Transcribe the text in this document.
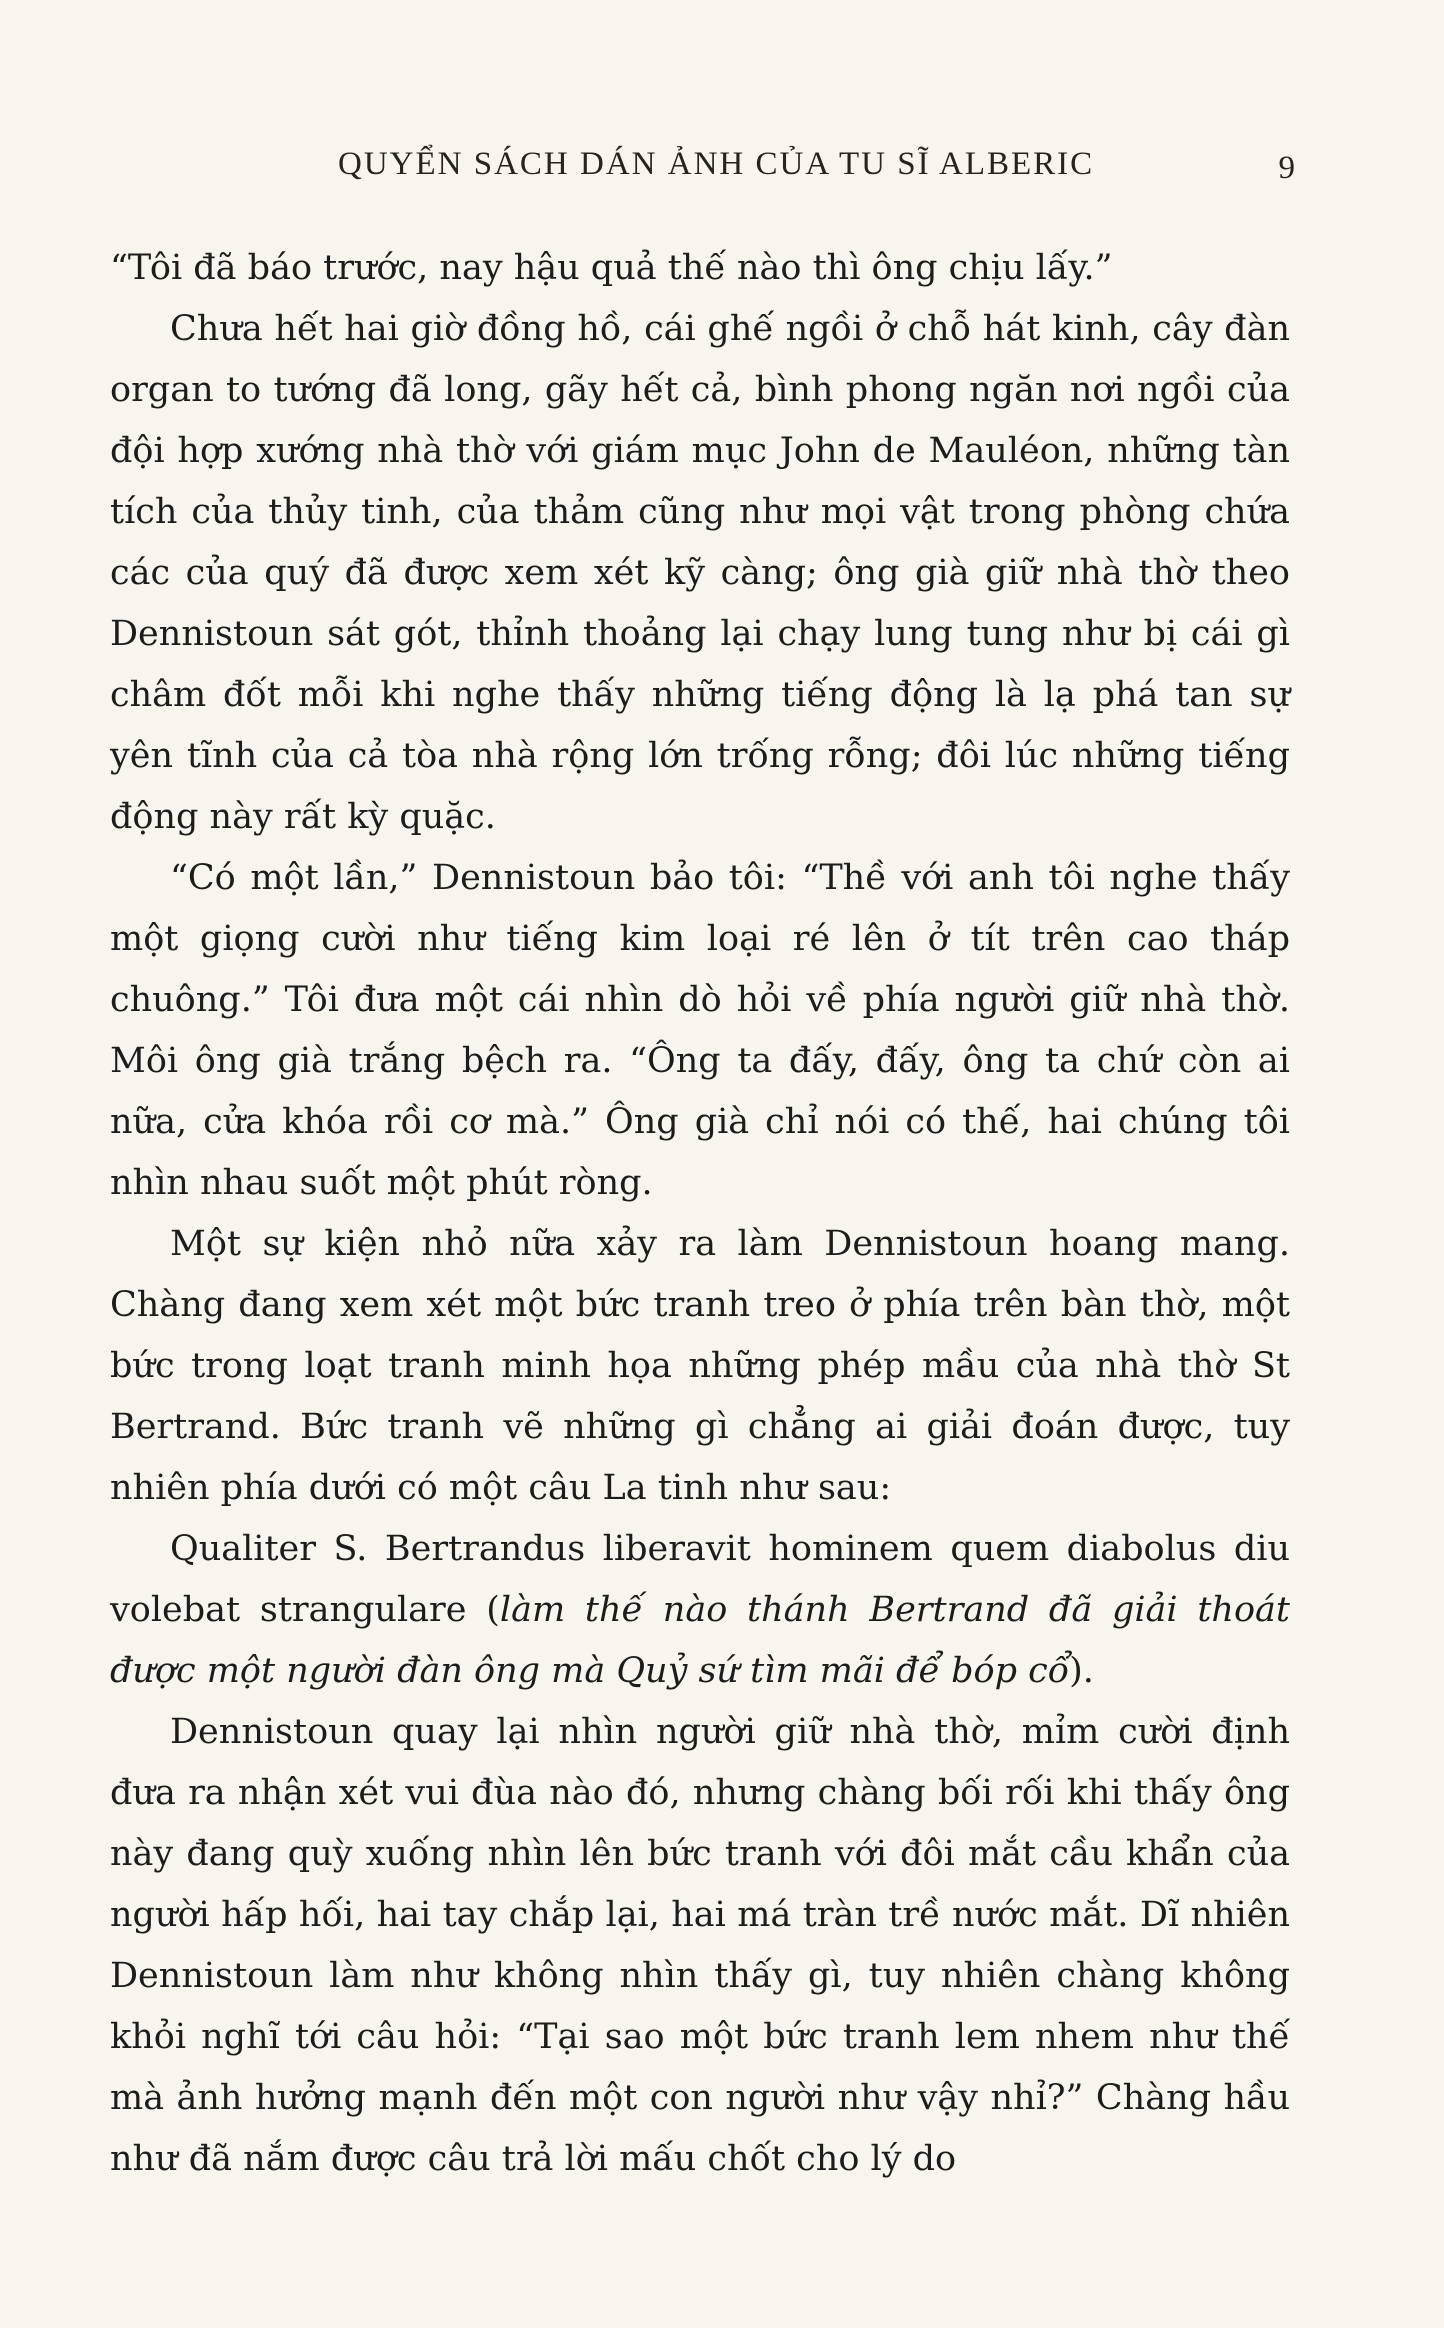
QUYỂN SÁCH DÁN ẢNH CỦA TU SĨ ALBERIC	9

“Tôi đã báo trước, nay hậu quả thế nào thì ông chịu lấy.”

Chưa hết hai giờ đồng hồ, cái ghế ngồi ở chỗ hát kinh, cây đàn organ to tướng đã long, gãy hết cả, bình phong ngăn nơi ngồi của đội hợp xướng nhà thờ với giám mục John de Mauléon, những tàn tích của thủy tinh, của thảm cũng như mọi vật trong phòng chứa các của quý đã được xem xét kỹ càng; ông già giữ nhà thờ theo Dennistoun sát gót, thỉnh thoảng lại chạy lung tung như bị cái gì châm đốt mỗi khi nghe thấy những tiếng động là lạ phá tan sự yên tĩnh của cả tòa nhà rộng lớn trống rỗng; đôi lúc những tiếng động này rất kỳ quặc.

“Có một lần,” Dennistoun bảo tôi: “Thề với anh tôi nghe thấy một giọng cười như tiếng kim loại ré lên ở tít trên cao tháp chuông.” Tôi đưa một cái nhìn dò hỏi về phía người giữ nhà thờ. Môi ông già trắng bệch ra. “Ông ta đấy, đấy, ông ta chứ còn ai nữa, cửa khóa rồi cơ mà.” Ông già chỉ nói có thế, hai chúng tôi nhìn nhau suốt một phút ròng.

Một sự kiện nhỏ nữa xảy ra làm Dennistoun hoang mang. Chàng đang xem xét một bức tranh treo ở phía trên bàn thờ, một bức trong loạt tranh minh họa những phép mầu của nhà thờ St Bertrand. Bức tranh vẽ những gì chẳng ai giải đoán được, tuy nhiên phía dưới có một câu La tinh như sau:

Qualiter S. Bertrandus liberavit hominem quem diabolus diu volebat strangulare (làm thế nào thánh Bertrand đã giải thoát được một người đàn ông mà Quỷ sứ tìm mãi để bóp cổ).

Dennistoun quay lại nhìn người giữ nhà thờ, mỉm cười định đưa ra nhận xét vui đùa nào đó, nhưng chàng bối rối khi thấy ông này đang quỳ xuống nhìn lên bức tranh với đôi mắt cầu khẩn của người hấp hối, hai tay chắp lại, hai má tràn trề nước mắt. Dĩ nhiên Dennistoun làm như không nhìn thấy gì, tuy nhiên chàng không khỏi nghĩ tới câu hỏi: “Tại sao một bức tranh lem nhem như thế mà ảnh hưởng mạnh đến một con người như vậy nhỉ?” Chàng hầu như đã nắm được câu trả lời mấu chốt cho lý do
